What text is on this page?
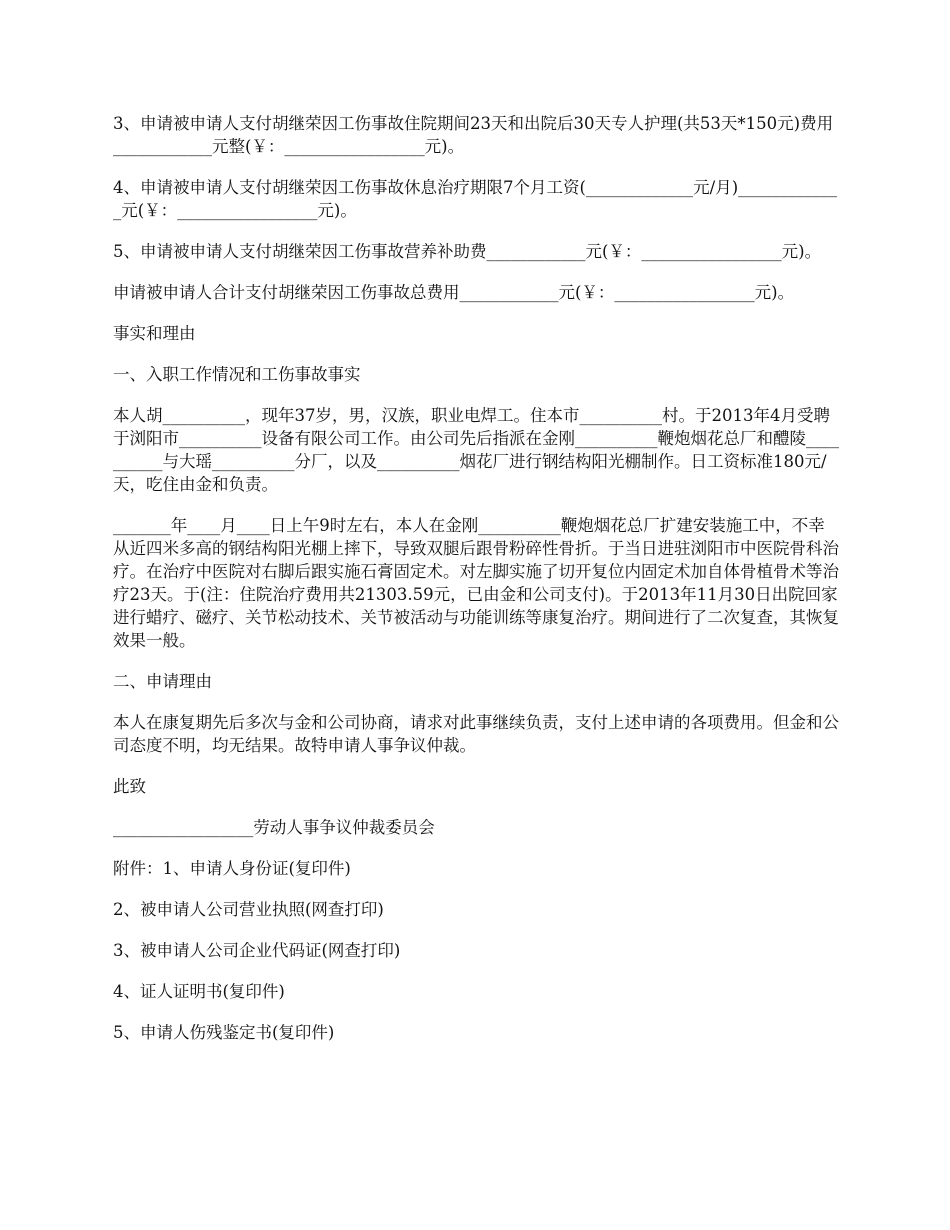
3、申请被申请人支付胡继荣因工伤事故住院期间23天和出院后30天专人护理(共53天*150元)费用____________元整(￥：_________________元)。

4、申请被申请人支付胡继荣因工伤事故休息治疗期限7个月工资(_____________元/月)_____________元(￥：_________________元)。

5、申请被申请人支付胡继荣因工伤事故营养补助费____________元(￥：_________________元)。

申请被申请人合计支付胡继荣因工伤事故总费用____________元(￥：_________________元)。

事实和理由

一、入职工作情况和工伤事故事实

本人胡__________，现年37岁，男，汉族，职业电焊工。住本市__________村。于2013年4月受聘于浏阳市__________设备有限公司工作。由公司先后指派在金刚__________鞭炮烟花总厂和醴陵__________与大瑶__________分厂，以及__________烟花厂进行钢结构阳光棚制作。日工资标准180元/天，吃住由金和负责。

_______年____月____日上午9时左右，本人在金刚__________鞭炮烟花总厂扩建安装施工中，不幸从近四米多高的钢结构阳光棚上摔下，导致双腿后跟骨粉碎性骨折。于当日进驻浏阳市中医院骨科治疗。在治疗中医院对右脚后跟实施石膏固定术。对左脚实施了切开复位内固定术加自体骨植骨术等治疗23天。于(注：住院治疗费用共21303.59元，已由金和公司支付)。于2013年11月30日出院回家进行蜡疗、磁疗、关节松动技术、关节被活动与功能训练等康复治疗。期间进行了二次复查，其恢复效果一般。

二、申请理由

本人在康复期先后多次与金和公司协商，请求对此事继续负责，支付上述申请的各项费用。但金和公司态度不明，均无结果。故特申请人事争议仲裁。

此致

_________________劳动人事争议仲裁委员会

附件：1、申请人身份证(复印件)

2、被申请人公司营业执照(网查打印)

3、被申请人公司企业代码证(网查打印)

4、证人证明书(复印件)

5、申请人伤残鉴定书(复印件)
